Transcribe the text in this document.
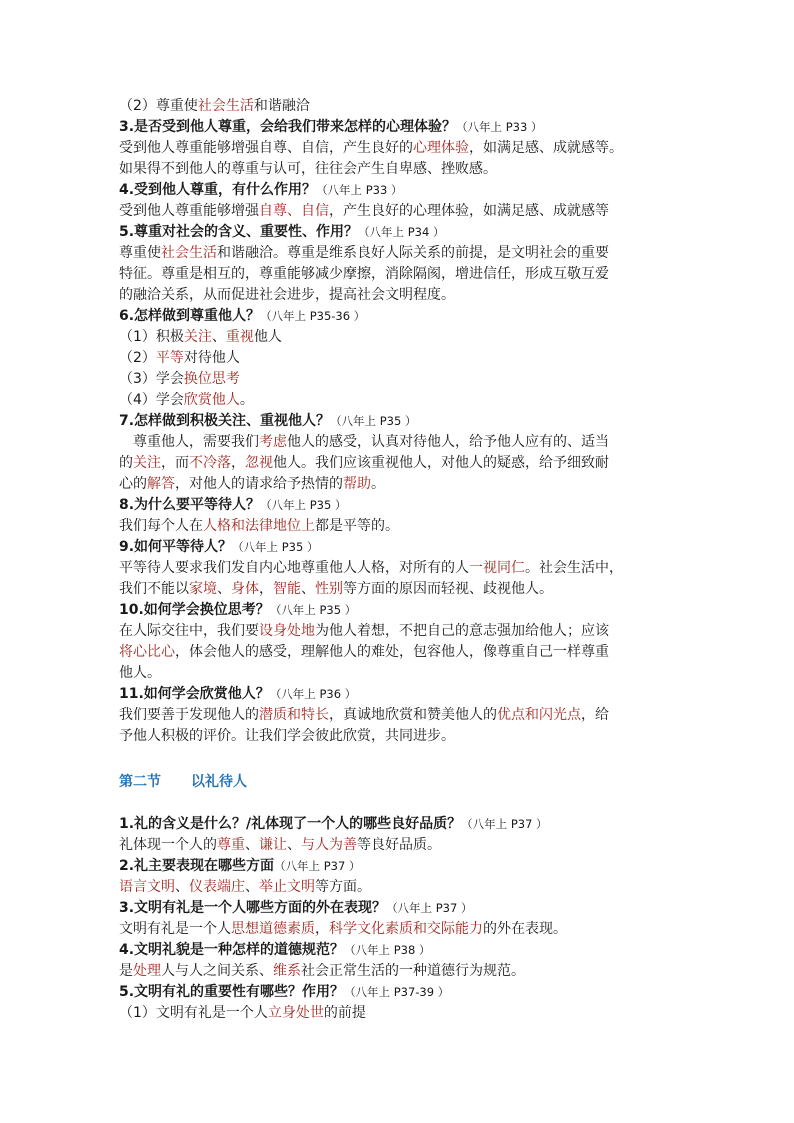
（2）尊重使社会生活和谐融洽
3.是否受到他人尊重，会给我们带来怎样的心理体验？（八年上 P33 ）
受到他人尊重能够增强自尊、自信，产生良好的心理体验，如满足感、成就感等。
如果得不到他人的尊重与认可，往往会产生自卑感、挫败感。
4.受到他人尊重，有什么作用？（八年上 P33 ）
受到他人尊重能够增强自尊、自信，产生良好的心理体验，如满足感、成就感等
5.尊重对社会的含义、重要性、作用？（八年上 P34 ）
尊重使社会生活和谐融洽。尊重是维系良好人际关系的前提，是文明社会的重要
特征。尊重是相互的，尊重能够减少摩擦，消除隔阂，增进信任，形成互敬互爱
的融洽关系，从而促进社会进步，提高社会文明程度。
6.怎样做到尊重他人？（八年上 P35-36 ）
（1）积极关注、重视他人
（2）平等对待他人
（3）学会换位思考
（4）学会欣赏他人。
7.怎样做到积极关注、重视他人？（八年上 P35 ）
尊重他人，需要我们考虑他人的感受，认真对待他人，给予他人应有的、适当
的关注，而不冷落，忽视他人。我们应该重视他人，对他人的疑惑，给予细致耐
心的解答，对他人的请求给予热情的帮助。
8.为什么要平等待人？（八年上 P35 ）
我们每个人在人格和法律地位上都是平等的。
9.如何平等待人？（八年上 P35 ）
平等待人要求我们发自内心地尊重他人人格，对所有的人一视同仁。社会生活中，
我们不能以家境、身体，智能、性别等方面的原因而轻视、歧视他人。
10.如何学会换位思考？（八年上 P35 ）
在人际交往中，我们要设身处地为他人着想，不把自己的意志强加给他人；应该
将心比心，体会他人的感受，理解他人的难处，包容他人，像尊重自己一样尊重
他人。
11.如何学会欣赏他人？（八年上 P36 ）
我们要善于发现他人的潜质和特长，真诚地欣赏和赞美他人的优点和闪光点，给
予他人积极的评价。让我们学会彼此欣赏，共同进步。
第二节 以礼待人
1.礼的含义是什么？/礼体现了一个人的哪些良好品质？（八年上 P37 ）
礼体现一个人的尊重、谦让、与人为善等良好品质。
2.礼主要表现在哪些方面（八年上 P37 ）
语言文明、仪表端庄、举止文明等方面。
3.文明有礼是一个人哪些方面的外在表现？（八年上 P37 ）
文明有礼是一个人思想道德素质，科学文化素质和交际能力的外在表现。
4.文明礼貌是一种怎样的道德规范？（八年上 P38 ）
是处理人与人之间关系、维系社会正常生活的一种道德行为规范。
5.文明有礼的重要性有哪些？作用？（八年上 P37-39 ）
（1）文明有礼是一个人立身处世的前提
